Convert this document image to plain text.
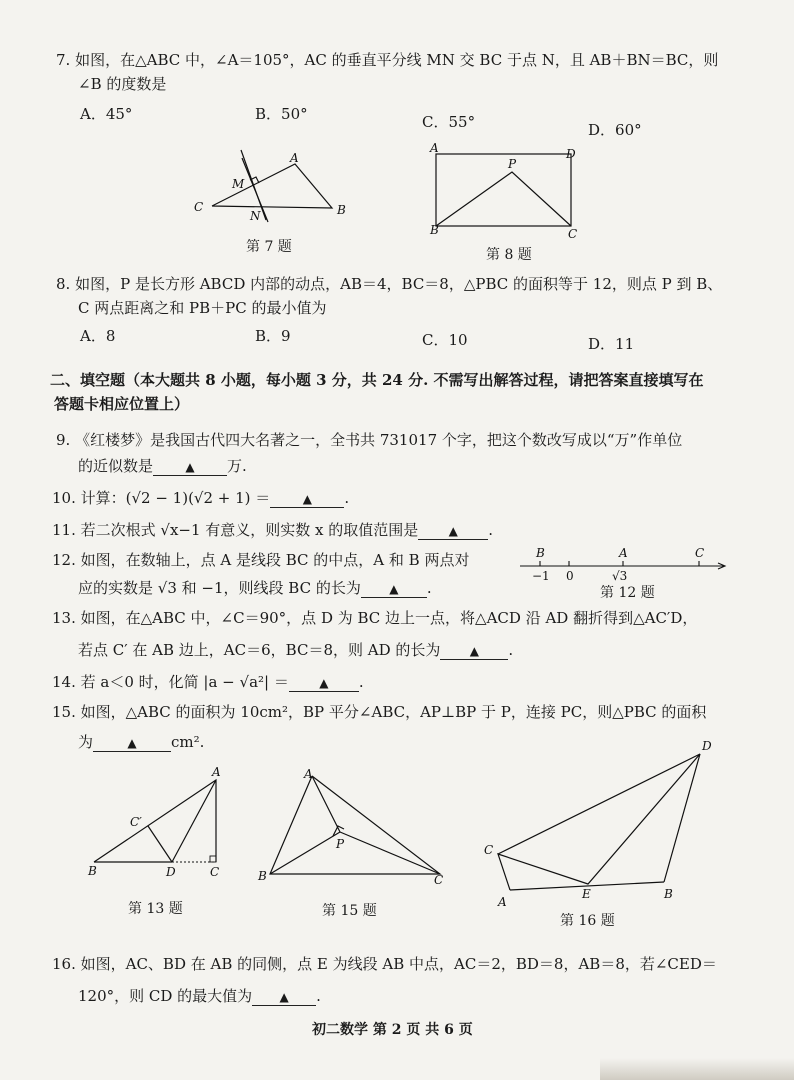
7. 如图，在△ABC 中，∠A＝105°，AC 的垂直平分线 MN 交 BC 于点 N，且 AB＋BN＝BC，则
∠B 的度数是
A．45°	B．50°	C．55°	D．60°
A
M
C
N	B
第 7 题
A	D
P
B	C
第 8 题
8. 如图，P 是长方形 ABCD 内部的动点，AB＝4，BC＝8，△PBC 的面积等于 12，则点 P 到 B、
C 两点距离之和 PB＋PC 的最小值为
A．8	B．9	C．10	D．11
二、填空题（本大题共 8 小题，每小题 3 分，共 24 分. 不需写出解答过程，请把答案直接填写在
答题卡相应位置上）
9. 《红楼梦》是我国古代四大名著之一，全书共 731017 个字，把这个数改写成以“万”作单位
的近似数是	▲ 万.
10. 计算：(√2 − 1)(√2 + 1) ＝	▲ .
11. 若二次根式 √x−1 有意义，则实数 x 的取值范围是	▲ .
12. 如图，在数轴上，点 A 是线段 BC 的中点，A 和 B 两点对
应的实数是 √3 和 −1，则线段 BC 的长为 ▲ .
B	A	C
−1 0	√3
第 12 题
13. 如图，在△ABC 中，∠C＝90°，点 D 为 BC 边上一点，将△ACD 沿 AD 翻折得到△AC′D，
若点 C′ 在 AB 边上，AC＝6，BC＝8，则 AD 的长为 ▲ .
14. 若 a＜0 时，化简 |a − √a²| ＝	▲ .
15. 如图，△ABC 的面积为 10cm²，BP 平分∠ABC，AP⊥BP 于 P，连接 PC，则△PBC 的面积
为	▲ cm².
A
C′
B	D	C
第 13 题
A
P
B	C
第 15 题
D
C
A
E	B
第 16 题
16. 如图，AC、BD 在 AB 的同侧，点 E 为线段 AB 中点，AC＝2，BD＝8，AB＝8，若∠CED＝
120°，则 CD 的最大值为 ▲ .
初二数学 第 2 页 共 6 页
